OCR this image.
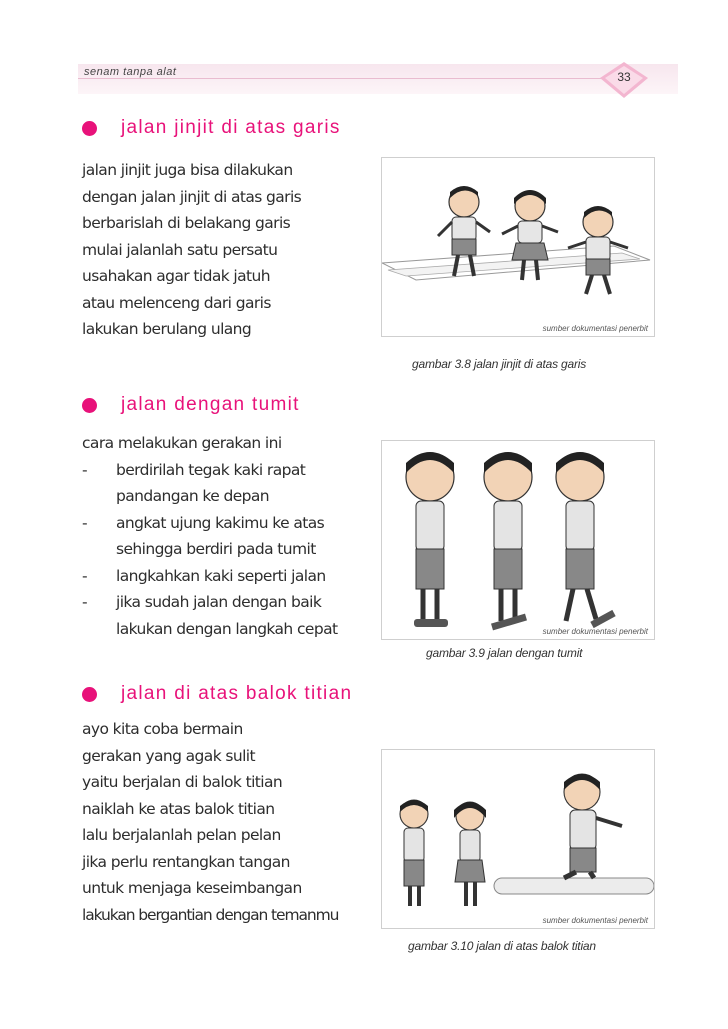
senam tanpa alat	33
jalan jinjit di atas garis
jalan jinjit juga bisa dilakukan
dengan jalan jinjit di atas garis
berbarislah di belakang garis
mulai jalanlah satu persatu
usahakan agar tidak jatuh
atau melenceng dari garis
lakukan berulang ulang	sumber dokumentasi penerbit
gambar 3.8 jalan jinjit di atas garis
jalan dengan tumit
cara melakukan gerakan ini
-	berdirilah tegak kaki rapat
pandangan ke depan
-	angkat ujung kakimu ke atas
sehingga berdiri pada tumit
-	langkahkan kaki seperti jalan
-	jika sudah jalan dengan baik
lakukan dengan langkah cepat	sumber dokumentasi penerbit
gambar 3.9 jalan dengan tumit
jalan di atas balok titian
ayo kita coba bermain
gerakan yang agak sulit
yaitu berjalan di balok titian
naiklah ke atas balok titian
lalu berjalanlah pelan pelan
jika perlu rentangkan tangan
untuk menjaga keseimbangan
lakukan bergantian dengan temanmu	sumber dokumentasi penerbit
gambar 3.10 jalan di atas balok titian
